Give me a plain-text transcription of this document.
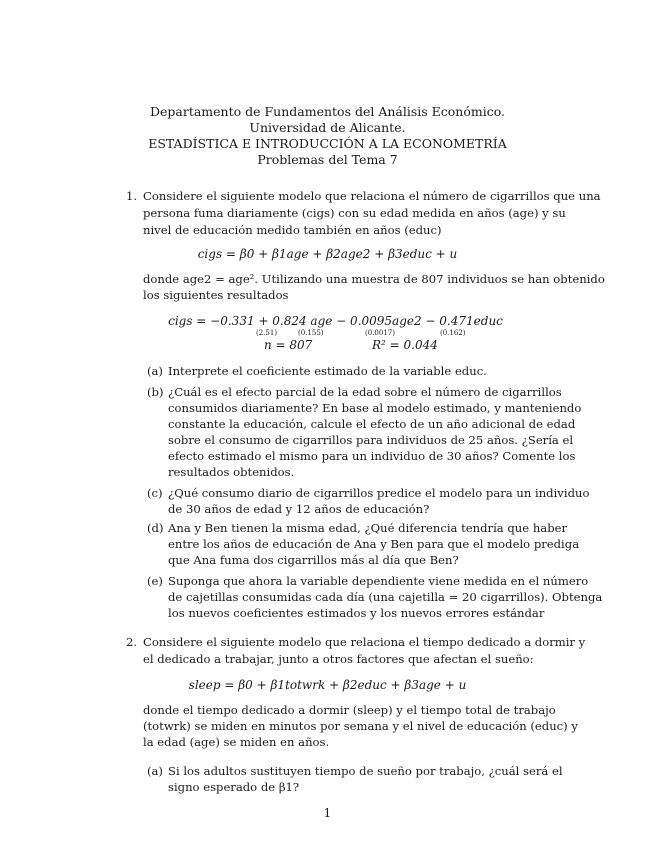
Departamento de Fundamentos del Análisis Económico.
Universidad de Alicante.
ESTADÍSTICA E INTRODUCCIÓN A LA ECONOMETRÍA
Problemas del Tema 7
1. Considere el siguiente modelo que relaciona el número de cigarrillos que una
persona fuma diariamente (cigs) con su edad medida en años (age) y su
nivel de educación medido también en años (educ)
cigs = β0 + β1age + β2age2 + β3educ + u
donde age2 = age². Utilizando una muestra de 807 individuos se han obtenido
los siguientes resultados
cigs = −0.331 + 0.824 age − 0.0095age2 − 0.471educ
(2.51)	(0.155)	(0.0017)	(0.162)
n = 807	R² = 0.044
(a) Interprete el coeficiente estimado de la variable educ.
(b) ¿Cuál es el efecto parcial de la edad sobre el número de cigarrillos
consumidos diariamente? En base al modelo estimado, y manteniendo
constante la educación, calcule el efecto de un año adicional de edad
sobre el consumo de cigarrillos para individuos de 25 años. ¿Sería el
efecto estimado el mismo para un individuo de 30 años? Comente los
resultados obtenidos.
(c) ¿Qué consumo diario de cigarrillos predice el modelo para un individuo
de 30 años de edad y 12 años de educación?
(d) Ana y Ben tienen la misma edad, ¿Qué diferencia tendría que haber
entre los años de educación de Ana y Ben para que el modelo prediga
que Ana fuma dos cigarrillos más al día que Ben?
(e) Suponga que ahora la variable dependiente viene medida en el número
de cajetillas consumidas cada día (una cajetilla = 20 cigarrillos). Obtenga
los nuevos coeficientes estimados y los nuevos errores estándar
2. Considere el siguiente modelo que relaciona el tiempo dedicado a dormir y
el dedicado a trabajar, junto a otros factores que afectan el sueño:
sleep = β0 + β1totwrk + β2educ + β3age + u
donde el tiempo dedicado a dormir (sleep) y el tiempo total de trabajo
(totwrk) se miden en minutos por semana y el nivel de educación (educ) y
la edad (age) se miden en años.
(a) Si los adultos sustituyen tiempo de sueño por trabajo, ¿cuál será el
signo esperado de β1?
1
